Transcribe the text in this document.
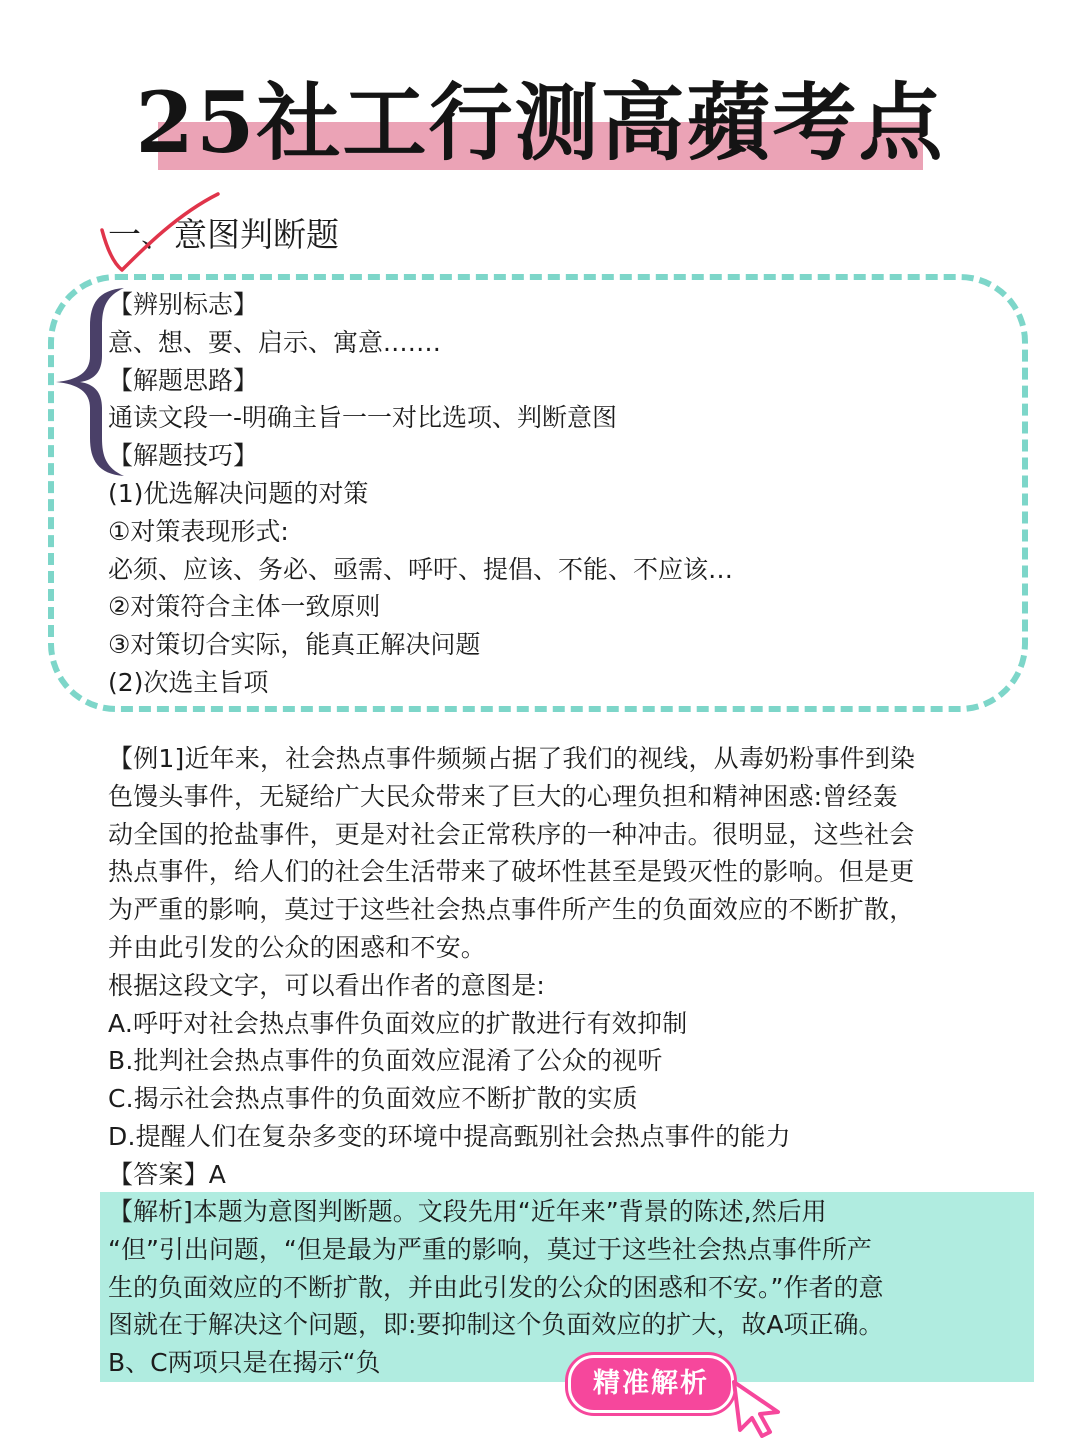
25社工行测高蘋考点
一、意图判断题
【辨别标志】
意、想、要、启示、寓意.……
【解题思路】
通读文段一-明确主旨一一对比选项、判断意图
【解题技巧】
(1)优选解决问题的对策
①对策表现形式:
必须、应该、务必、亟需、呼吁、提倡、不能、不应该…
②对策符合主体一致原则
③对策切合实际，能真正解决问题
(2)次选主旨项
【例1]近年来，社会热点事件频频占据了我们的视线，从毒奶粉事件到染
色馒头事件，无疑给广大民众带来了巨大的心理负担和精神困惑:曾经轰
动全国的抢盐事件，更是对社会正常秩序的一种冲击。很明显，这些社会
热点事件，给人们的社会生活带来了破坏性甚至是毁灭性的影响。但是更
为严重的影响，莫过于这些社会热点事件所产生的负面效应的不断扩散，
并由此引发的公众的困惑和不安。
根据这段文字，可以看出作者的意图是:
A.呼吁对社会热点事件负面效应的扩散进行有效抑制
B.批判社会热点事件的负面效应混淆了公众的视听
C.揭示社会热点事件的负面效应不断扩散的实质
D.提醒人们在复杂多变的环境中提高甄别社会热点事件的能力
【答案】A
【解析]本题为意图判断题。文段先用“近年来”背景的陈述,然后用
“但”引出问题，“但是最为严重的影响，莫过于这些社会热点事件所产
生的负面效应的不断扩散，并由此引发的公众的困惑和不安。”作者的意
图就在于解决这个问题，即:要抑制这个负面效应的扩大，故A项正确。
B、C两项只是在揭示“负
精准解析
